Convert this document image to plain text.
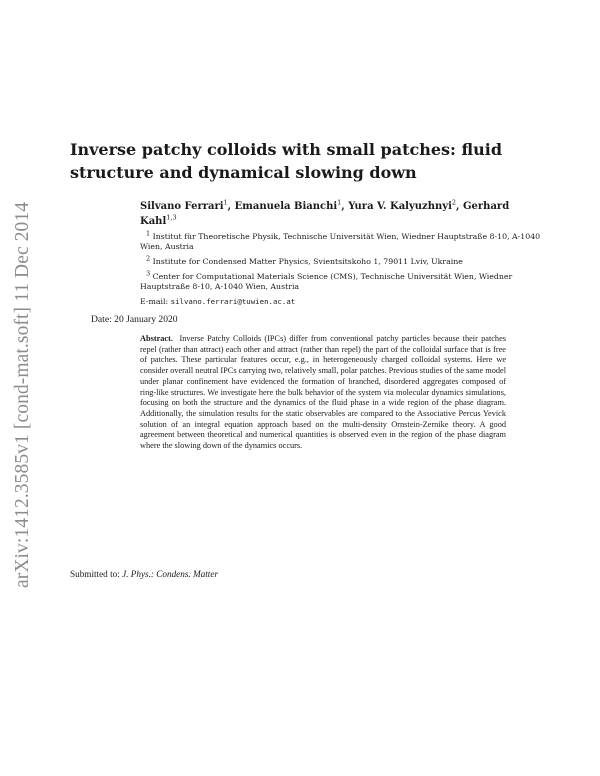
arXiv:1412.3585v1 [cond-mat.soft] 11 Dec 2014
Inverse patchy colloids with small patches: fluid structure and dynamical slowing down
Silvano Ferrari$^1$, Emanuela Bianchi$^1$, Yura V. Kalyuzhnyi$^2$, Gerhard Kahl$^{1,3}$

$^1$ Institut für Theoretische Physik, Technische Universität Wien, Wiedner Hauptstraße 8-10, A-1040 Wien, Austria

$^2$ Institute for Condensed Matter Physics, Svientsitskoho 1, 79011 Lviv, Ukraine

$^3$ Center for Computational Materials Science (CMS), Technische Universität Wien, Wiedner Hauptstraße 8-10, A-1040 Wien, Austria

E-mail: silvano.ferrari@tuwien.ac.at
Date: 20 January 2020

Abstract. Inverse Patchy Colloids (IPCs) differ from conventional patchy particles because their patches repel (rather than attract) each other and attract (rather than repel) the part of the colloidal surface that is free of patches. These particular features occur, e.g., in heterogeneously charged colloidal systems. Here we consider overall neutral IPCs carrying two, relatively small, polar patches. Previous studies of the same model under planar confinement have evidenced the formation of branched, disordered aggregates composed of ring-like structures. We investigate here the bulk behavior of the system via molecular dynamics simulations, focusing on both the structure and the dynamics of the fluid phase in a wide region of the phase diagram. Additionally, the simulation results for the static observables are compared to the Associative Percus Yevick solution of an integral equation approach based on the multi-density Ornstein-Zernike theory. A good agreement between theoretical and numerical quantities is observed even in the region of the phase diagram where the slowing down of the dynamics occurs.

Submitted to: J. Phys.: Condens. Matter
